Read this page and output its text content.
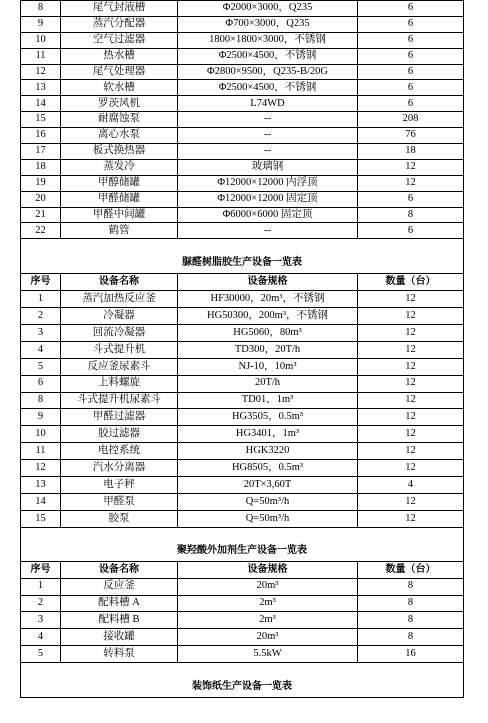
8	尾气封液槽	Φ2000×3000，Q235	6
9	蒸汽分配器	Φ700×3000，Q235	6
10	空气过滤器	1800×1800×3000，不锈钢	6
11	热水槽	Φ2500×4500，不锈钢	6
12	尾气处理器	Φ2800×9500，Q235-B/20G	6
13	软水槽	Φ2500×4500，不锈钢	6
14	罗茨风机	L74WD	6
15	耐腐蚀泵	--	208
16	离心水泵	--	76
17	板式换热器	--	18
18	蒸发冷	玻璃钢	12
19	甲醇储罐	Φ12000×12000 内浮顶	12
20	甲醛储罐	Φ12000×12000 固定顶	6
21	甲醛中间罐	Φ6000×6000 固定顶	8
22	鹤管	--	6
脲醛树脂胶生产设备一览表			
序号	设备名称	设备规格	数量（台）
1	蒸汽加热反应釜	HF30000，20m³，不锈钢	12
2	冷凝器	HG50300，200m³，不锈钢	12
3	回流冷凝器	HG5060，80m³	12
4	斗式提升机	TD300，20T/h	12
5	反应釜尿素斗	NJ-10，10m³	12
6	上料螺旋	20T/h	12
8	斗式提升机尿素斗	TD01，1m³	12
9	甲醛过滤器	HG3505，0.5m³	12
10	胶过滤器	HG3401，1m³	12
11	电控系统	HGK3220	12
12	汽水分离器	HG8505，0.5m³	12
13	电子秤	20T×3,60T	4
14	甲醛泵	Q=50m³/h	12
15	胶泵	Q=50m³/h	12
聚羟酸外加剂生产设备一览表			
序号	设备名称	设备规格	数量（台）
1	反应釜	20m³	8
2	配料槽 A	2m³	8
3	配料槽 B	2m³	8
4	接收罐	20m³	8
5	转料泵	5.5kW	16
装饰纸生产设备一览表			
